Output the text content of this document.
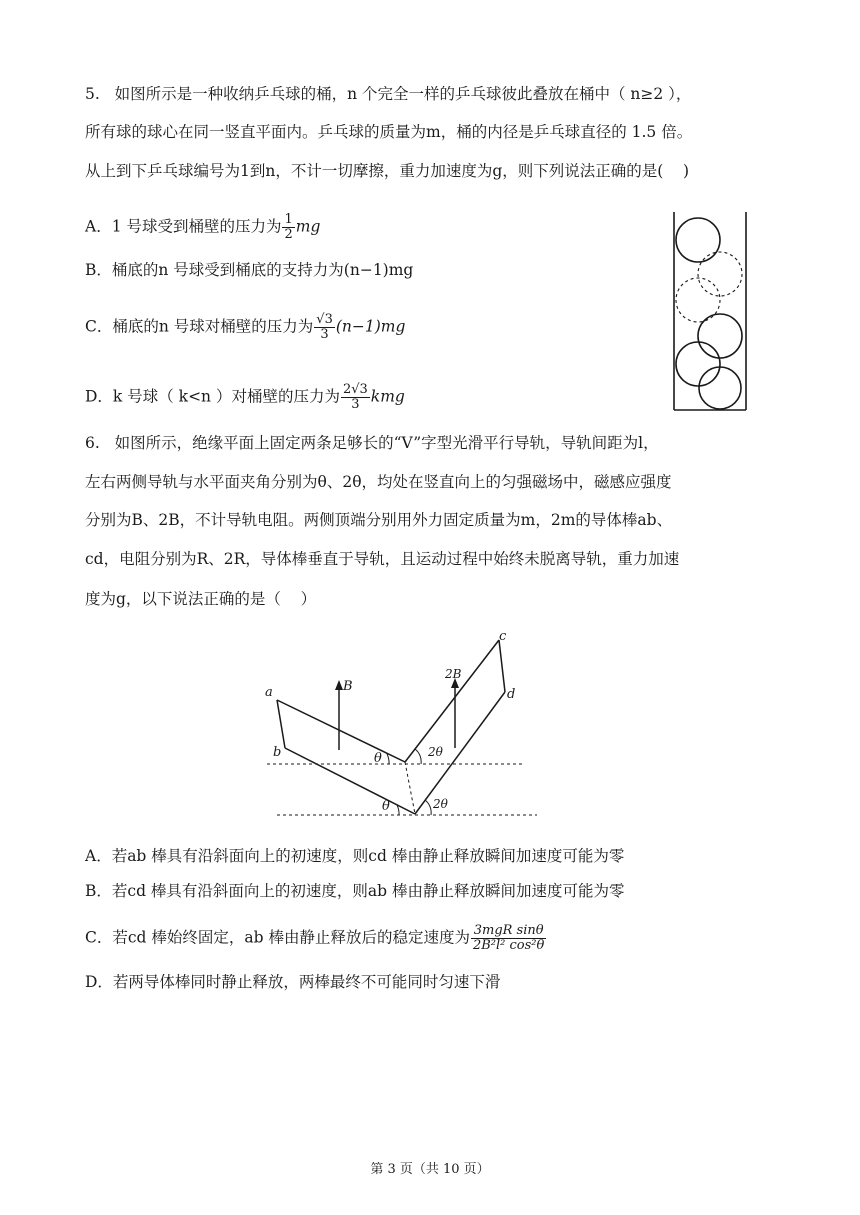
5.   如图所示是一种收纳乒乓球的桶，n 个完全一样的乒乓球彼此叠放在桶中（ n≥2 ），
所有球的球心在同一竖直平面内。乒乓球的质量为m，桶的内径是乒乓球直径的 1.5 倍。
从上到下乒乓球编号为1到n，不计一切摩擦，重力加速度为g，则下列说法正确的是(    )
A．1 号球受到桶壁的压力为 $\frac{1}{2}$ mg
B．桶底的n 号球受到桶底的支持力为(n−1)mg
C．桶底的n 号球对桶壁的压力为 $\frac{√3}{3} (n-1)mg$
D．k 号球（ k<n ）对桶壁的压力为 $\frac{2√3}{3}$ kmg
6.   如图所示，绝缘平面上固定两条足够长的“V”字型光滑平行导轨，导轨间距为l，
左右两侧导轨与水平面夹角分别为θ、2θ，均处在竖直向上的匀强磁场中，磁感应强度
分别为B、2B，不计导轨电阻。两侧顶端分别用外力固定质量为m，2m的导体棒ab、
cd，电阻分别为R、2R，导体棒垂直于导轨，且运动过程中始终未脱离导轨，重力加速
度为g，以下说法正确的是（    ）
a
b
c
d
B
2B
θ	2θ
θ	2θ
A．若ab 棒具有沿斜面向上的初速度，则cd 棒由静止释放瞬间加速度可能为零
B．若cd 棒具有沿斜面向上的初速度，则ab 棒由静止释放瞬间加速度可能为零
C．若cd 棒始终固定，ab 棒由静止释放后的稳定速度为 $\frac{\text{3mgR sinθ}}{\text{2B²l² cos²θ}}$
D．若两导体棒同时静止释放，两棒最终不可能同时匀速下滑
第 3 页（共 10 页）
